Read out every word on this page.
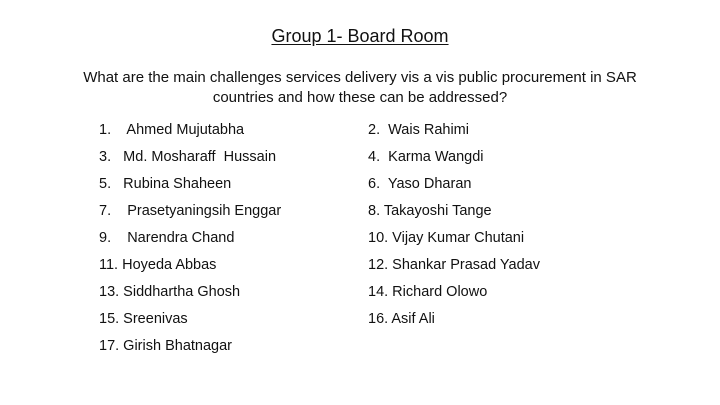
Group 1- Board Room
What are the main challenges services delivery vis a vis public procurement in SAR countries and how these can be addressed?
1.    Ahmed Mujutabha
3.   Md. Mosharaff  Hussain
5.   Rubina Shaheen
7.    Prasetyaningsih Enggar
9.    Narendra Chand
11. Hoyeda Abbas
13. Siddhartha Ghosh
15. Sreenivas
17. Girish Bhatnagar
2.  Wais Rahimi
4.  Karma Wangdi
6.  Yaso Dharan
8. Takayoshi Tange
10. Vijay Kumar Chutani
12. Shankar Prasad Yadav
14. Richard Olowo
16. Asif Ali
